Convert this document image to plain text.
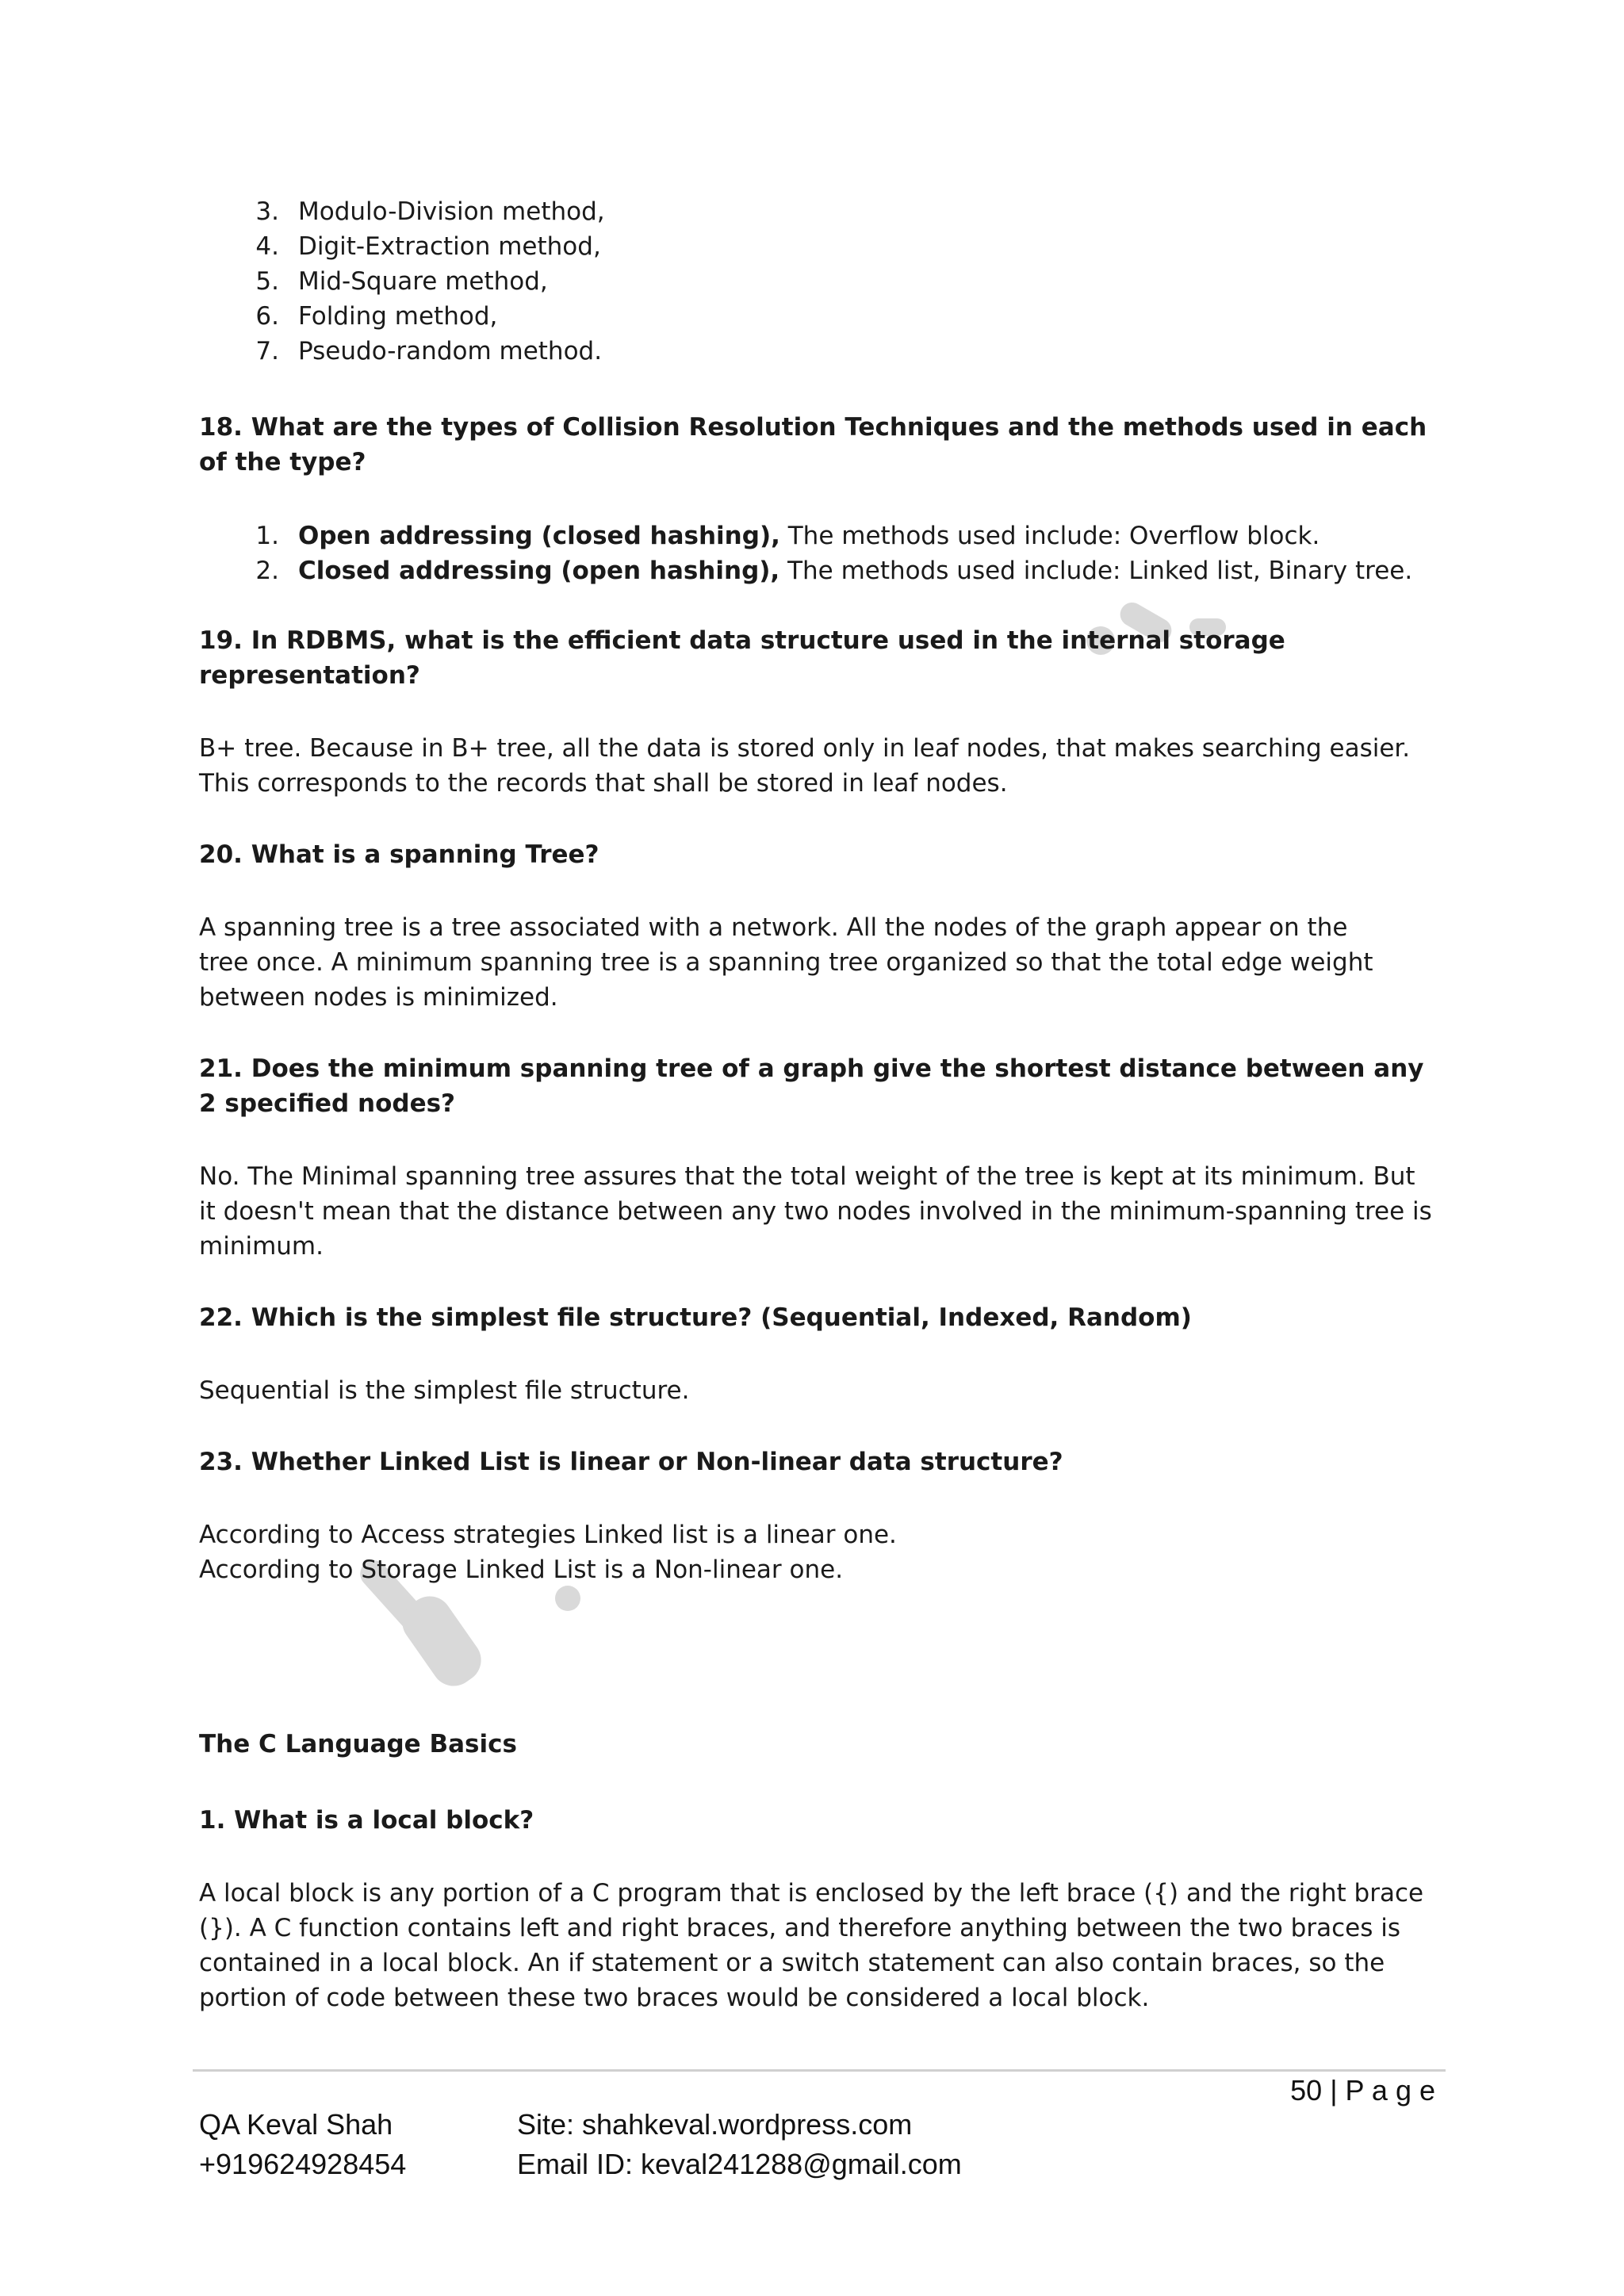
3. Modulo-Division method,
4. Digit-Extraction method,
5. Mid-Square method,
6. Folding method,
7. Pseudo-random method.

18. What are the types of Collision Resolution Techniques and the methods used in each of the type?

1. Open addressing (closed hashing), The methods used include: Overflow block.
2. Closed addressing (open hashing), The methods used include: Linked list, Binary tree.

19. In RDBMS, what is the efficient data structure used in the internal storage representation?

B+ tree. Because in B+ tree, all the data is stored only in leaf nodes, that makes searching easier. This corresponds to the records that shall be stored in leaf nodes.

20. What is a spanning Tree?

A spanning tree is a tree associated with a network. All the nodes of the graph appear on the tree once. A minimum spanning tree is a spanning tree organized so that the total edge weight between nodes is minimized.

21. Does the minimum spanning tree of a graph give the shortest distance between any 2 specified nodes?

No. The Minimal spanning tree assures that the total weight of the tree is kept at its minimum. But it doesn't mean that the distance between any two nodes involved in the minimum-spanning tree is minimum.

22. Which is the simplest file structure? (Sequential, Indexed, Random)

Sequential is the simplest file structure.

23. Whether Linked List is linear or Non-linear data structure?

According to Access strategies Linked list is a linear one.

According to Storage Linked List is a Non-linear one.

The C Language Basics

1. What is a local block?

A local block is any portion of a C program that is enclosed by the left brace ({) and the right brace (}). A C function contains left and right braces, and therefore anything between the two braces is contained in a local block. An if statement or a switch statement can also contain braces, so the portion of code between these two braces would be considered a local block.

50 | P a g e
QA Keval Shah
+919624928454
Site: shahkeval.wordpress.com
Email ID: keval241288@gmail.com
